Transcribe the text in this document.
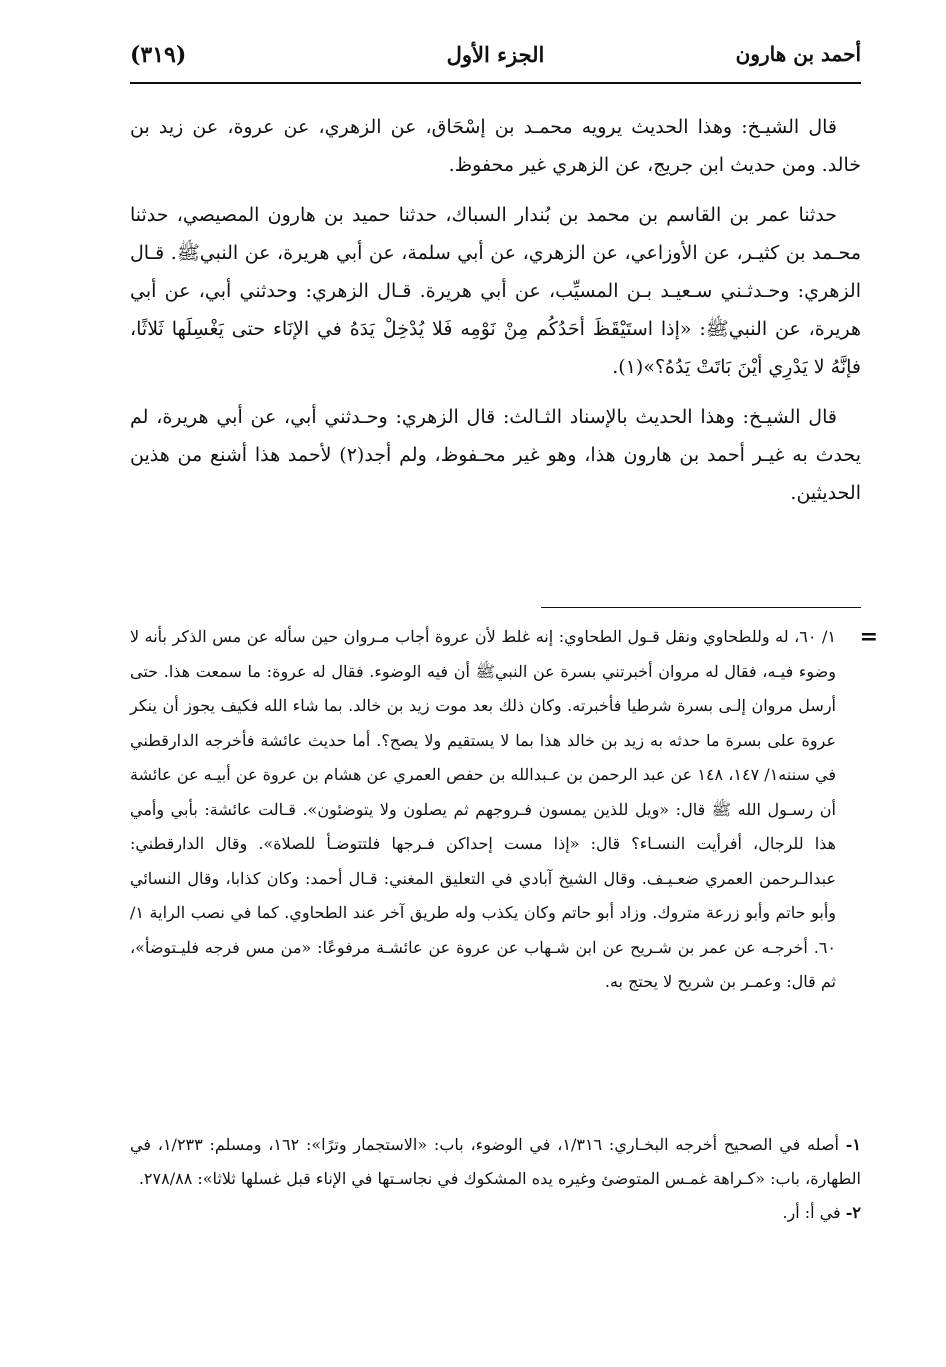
(٣١٩)	الجزء الأول	أحمد بن هارون

قال الشيـخ: وهذا الحديث يرويه محمـد بن إسْحَاق، عن الزهري، عن عروة، عن زيد بن خالد. ومن حديث ابن جريج، عن الزهري غير محفوظ.

حدثنا عمر بن القاسم بن محمد بن بُندار السباك، حدثنا حميد بن هارون المصيصي، حدثنا محـمد بن كثيـر، عن الأوزاعي، عن الزهري، عن أبي سلمة، عن أبي هريرة، عن النبيﷺ. قـال الزهري: وحـدثـني سـعيـد بـن المسيِّب، عن أبي هريرة. قـال الزهري: وحدثني أبي، عن أبي هريرة، عن النبيﷺ: «إذا استَيْقَظَ أحَدُكُم مِنْ نَوْمِه فَلا يُدْخِلْ يَدَهُ في الإنَاء حتى يَغْسِلَها ثَلاثًا، فإنَّهُ لا يَدْرِي أيْنَ بَاتَتْ يَدُهُ؟»(١).

قال الشيـخ: وهذا الحديث بالإسناد الثـالث: قال الزهري: وحـدثني أبي، عن أبي هريرة، لم يحدث به غيـر أحمد بن هارون هذا، وهو غير محـفوظ، ولم أجد(٢) لأحمد هذا أشنع من هذين الحديثين.

=

١/ ٦٠، له وللطحاوي ونقل قـول الطحاوي: إنه غلط لأن عروة أجاب مـروان حين سأله عن مس الذكر بأنه لا وضوء فيـه، فقال له مروان أخبرتني بسرة عن النبيﷺ أن فيه الوضوء. فقال له عروة: ما سمعت هذا. حتى أرسل مروان إلـى بسرة شرطيا فأخبرته. وكان ذلك بعد موت زيد بن خالد. بما شاء الله فكيف يجوز أن ينكر عروة على بسرة ما حدثه به زيد بن خالد هذا بما لا يستقيم ولا يصح؟. أما حديث عائشة فأخرجه الدارقطني في سننه١/ ١٤٧، ١٤٨ عن عبد الرحمن بن عـبدالله بن حفص العمري عن هشام بن عروة عن أبيـه عن عائشة أن رسـول الله ﷺ قال: «ويل للذين يمسون فـروجهم ثم يصلون ولا يتوضئون». قـالت عائشة: بأبي وأمي هذا للرجال، أفرأيت النسـاء؟ قال: «إذا مست إحداكن فـرجها فلتتوضـأ للصلاة». وقال الدارقطني: عبدالـرحمن العمري ضعـيـف. وقال الشيخ آبادي في التعليق المغني: قـال أحمد: وكان كذابا، وقال النسائي وأبو حاتم وأبو زرعة متروك. وزاد أبو حاتم وكان يكذب وله طريق آخر عند الطحاوي. كما في نصب الراية ١/ ٦٠. أخرجـه عن عمر بن شـريح عن ابن شـهاب عن عروة عن عائشـة مرفوعًا: «من مس فرجه فليـتوضأ»، ثم قال: وعمـر بن شريح لا يحتج به.

١- أصله في الصحيح أخرجه البخـاري: ١/٣١٦، في الوضوء، باب: «الاستجمار وترًا»: ١٦٢، ومسلم: ١/٢٣٣، في الطهارة، باب: «كـراهة غمـس المتوضئ وغيره يده المشكوك في نجاسـتها في الإناء قبل غسلها ثلاثا»: ٢٧٨/٨٨.

٢- في أ: أر.
